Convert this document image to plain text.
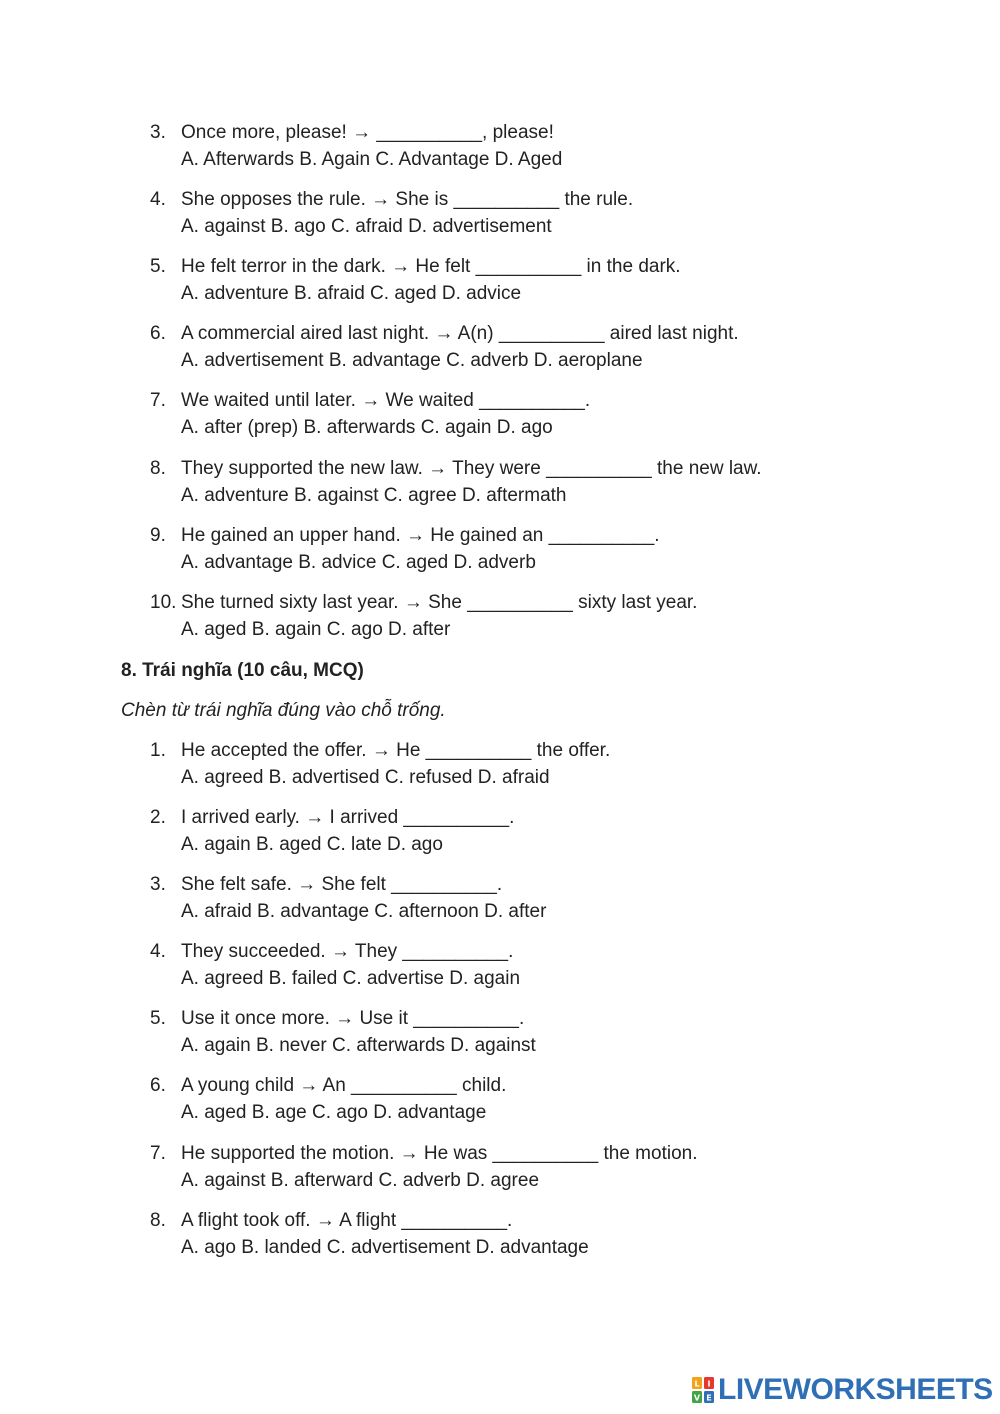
3. Once more, please! → __________, please!
A. Afterwards B. Again C. Advantage D. Aged
4. She opposes the rule. → She is __________ the rule.
A. against B. ago C. afraid D. advertisement
5. He felt terror in the dark. → He felt __________ in the dark.
A. adventure B. afraid C. aged D. advice
6. A commercial aired last night. → A(n) __________ aired last night.
A. advertisement B. advantage C. adverb D. aeroplane
7. We waited until later. → We waited __________.
A. after (prep) B. afterwards C. again D. ago
8. They supported the new law. → They were __________ the new law.
A. adventure B. against C. agree D. aftermath
9. He gained an upper hand. → He gained an __________.
A. advantage B. advice C. aged D. adverb
10. She turned sixty last year. → She __________ sixty last year.
A. aged B. again C. ago D. after
8. Trái nghĩa (10 câu, MCQ)
Chèn từ trái nghĩa đúng vào chỗ trống.
1. He accepted the offer. → He __________ the offer.
A. agreed B. advertised C. refused D. afraid
2. I arrived early. → I arrived __________.
A. again B. aged C. late D. ago
3. She felt safe. → She felt __________.
A. afraid B. advantage C. afternoon D. after
4. They succeeded. → They __________.
A. agreed B. failed C. advertise D. again
5. Use it once more. → Use it __________.
A. again B. never C. afterwards D. against
6. A young child → An __________ child.
A. aged B. age C. ago D. advantage
7. He supported the motion. → He was __________ the motion.
A. against B. afterward C. adverb D. agree
8. A flight took off. → A flight __________.
A. ago B. landed C. advertisement D. advantage
L I
V E LIVEWORKSHEETS
